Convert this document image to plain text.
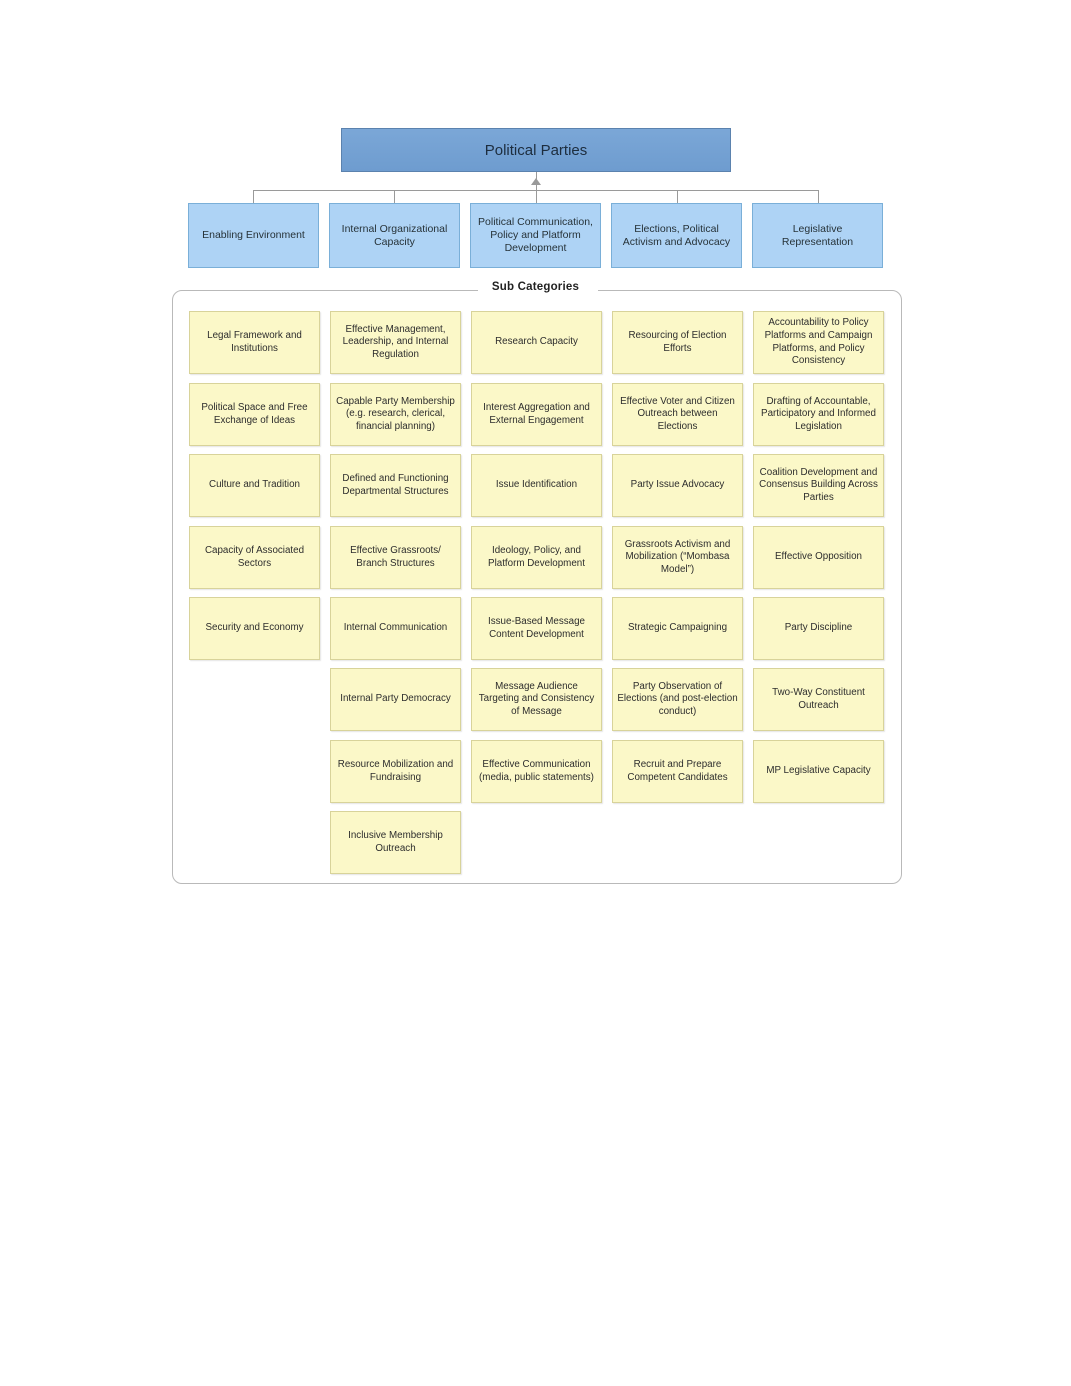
Political Parties
Enabling Environment
Internal Organizational Capacity
Political Communication, Policy and Platform Development
Elections, Political Activism and Advocacy
Legislative Representation
Sub Categories
Legal Framework and Institutions
Political Space and Free Exchange of Ideas
Culture and Tradition
Capacity of Associated Sectors
Security and Economy
Effective Management, Leadership, and Internal Regulation
Capable Party Membership (e.g. research, clerical, financial planning)
Defined and Functioning Departmental Structures
Effective Grassroots/ Branch Structures
Internal Communication
Internal Party Democracy
Resource Mobilization and Fundraising
Inclusive Membership Outreach
Research Capacity
Interest Aggregation and External Engagement
Issue Identification
Ideology, Policy, and Platform Development
Issue-Based Message Content Development
Message Audience Targeting and Consistency of Message
Effective Communication (media, public statements)
Resourcing of Election Efforts
Effective Voter and Citizen Outreach between Elections
Party Issue Advocacy
Grassroots Activism and Mobilization (“Mombasa Model”)
Strategic Campaigning
Party Observation of Elections (and post-election conduct)
Recruit and Prepare Competent Candidates
Accountability to Policy Platforms and Campaign Platforms, and Policy Consistency
Drafting of Accountable, Participatory and Informed Legislation
Coalition Development and Consensus Building Across Parties
Effective Opposition
Party Discipline
Two-Way Constituent Outreach
MP Legislative Capacity
